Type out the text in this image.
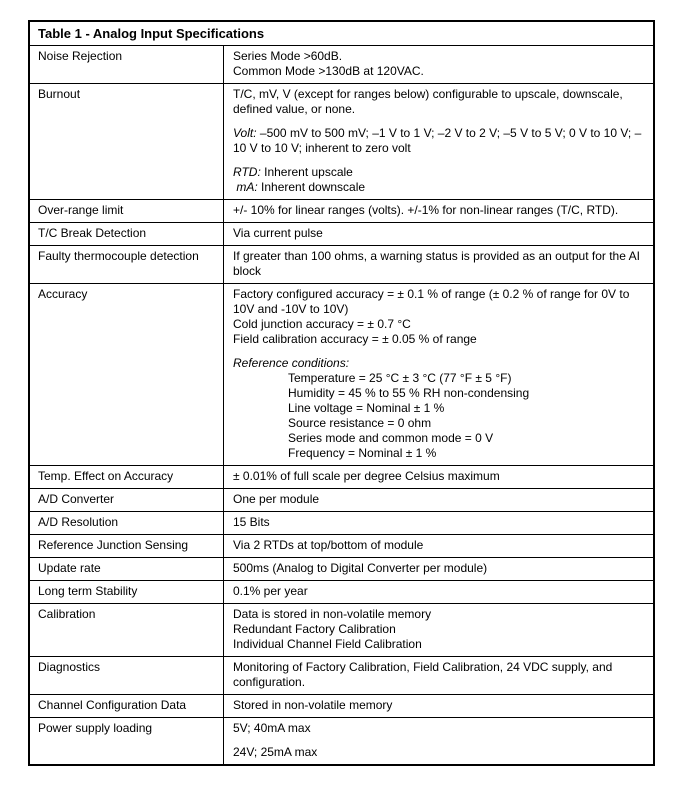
Table 1 - Analog Input Specifications
Noise Rejection	Series Mode >60dB.
Common Mode >130dB at 120VAC.
Burnout	T/C, mV, V (except for ranges below) configurable to upscale, downscale, defined value, or none.
Volt: –500 mV to 500 mV; –1 V to 1 V; –2 V to 2 V; –5 V to 5 V; 0 V to 10 V; –10 V to 10 V; inherent to zero volt
RTD: Inherent upscale
mA: Inherent downscale
Over-range limit	+/- 10% for linear ranges (volts). +/-1% for non-linear ranges (T/C, RTD).
T/C Break Detection	Via current pulse
Faulty thermocouple detection	If greater than 100 ohms, a warning status is provided as an output for the AI block
Accuracy	Factory configured accuracy = ± 0.1 % of range (± 0.2 % of range for 0V to 10V and -10V to 10V)
Cold junction accuracy = ± 0.7 °C
Field calibration accuracy = ± 0.05 % of range
Reference conditions:
Temperature = 25 °C ± 3 °C (77 °F ± 5 °F)
Humidity = 45 % to 55 % RH non-condensing
Line voltage = Nominal ± 1 %
Source resistance = 0 ohm
Series mode and common mode = 0 V
Frequency = Nominal ± 1 %
Temp. Effect on Accuracy	± 0.01% of full scale per degree Celsius maximum
A/D Converter	One per module
A/D Resolution	15 Bits
Reference Junction Sensing	Via 2 RTDs at top/bottom of module
Update rate	500ms (Analog to Digital Converter per module)
Long term Stability	0.1% per year
Calibration	Data is stored in non-volatile memory
Redundant Factory Calibration
Individual Channel Field Calibration
Diagnostics	Monitoring of Factory Calibration, Field Calibration, 24 VDC supply, and configuration.
Channel Configuration Data	Stored in non-volatile memory
Power supply loading	5V; 40mA max
24V; 25mA max
